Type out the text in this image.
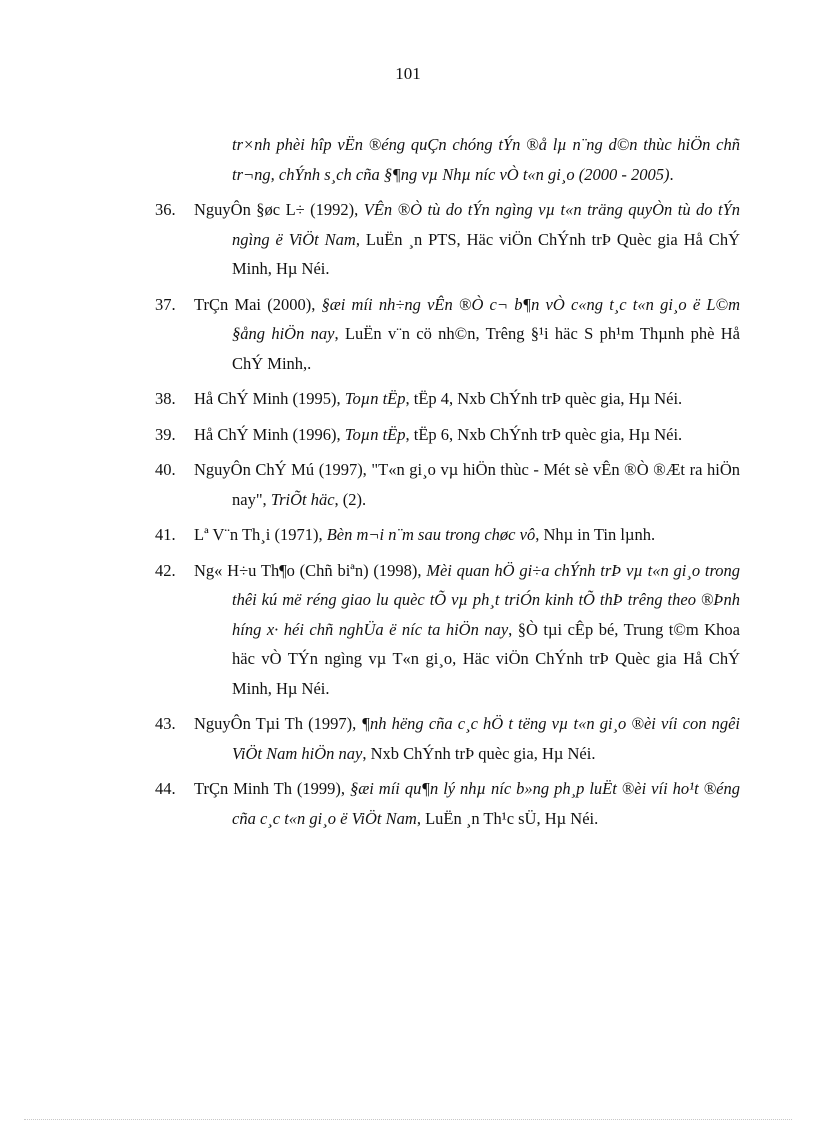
101
tr×nh phèi hîp vËn ®éng quÇn chóng tÝn ®å lµ n¨ng d©n thùc hiÖn chñ tr¬ng, chÝnh s¸ch cña §¶ng vµ Nhµ níc vÒ t«n gi¸o (2000 - 2005).
36. NguyÔn §øc L÷ (1992), VÊn ®Ò tù do tÝn ngìng vµ t«n träng quyÒn tù do tÝn ngìng ë ViÖt Nam, LuËn ¸n PTS, Häc viÖn ChÝnh trÞ Quèc gia Hå ChÝ Minh, Hµ Néi.
37. TrÇn Mai (2000), §æi míi nh÷ng vÊn ®Ò c¬ b¶n vÒ c«ng t¸c t«n gi¸o ë L©m §ång hiÖn nay, LuËn v¨n cö nh©n, Trêng §¹i häc S ph¹m Thµnh phè Hå ChÝ Minh,.
38. Hå ChÝ Minh (1995), Toµn tËp, tËp 4, Nxb ChÝnh trÞ quèc gia, Hµ Néi.
39. Hå ChÝ Minh (1996), Toµn tËp, tËp 6, Nxb ChÝnh trÞ quèc gia, Hµ Néi.
40. NguyÔn ChÝ Mú (1997), "T«n gi¸o vµ hiÖn thùc - Mét sè vÊn ®Ò ®Æt ra hiÖn nay", TriÕt häc, (2).
41. Lª V¨n Th¸i (1971), Bèn m¬i n¨m sau trong chøc vô, Nhµ in Tin lµnh.
42. Ng« H÷u Th¶o (Chñ biªn) (1998), Mèi quan hÖ gi÷a chÝnh trÞ vµ t«n gi¸o trong thêi kú më réng giao lu quèc tÕ vµ ph¸t triÓn kinh tÕ thÞ trêng theo ®Þnh híng x· héi chñ nghÜa ë níc ta hiÖn nay, §Ò tµi cÊp bé, Trung t©m Khoa häc vÒ TÝn ngìng vµ T«n gi¸o, Häc viÖn ChÝnh trÞ Quèc gia Hå ChÝ Minh, Hµ Néi.
43. NguyÔn Tµi Th (1997), ¶nh hëng cña c¸c hÖ t tëng vµ t«n gi¸o ®èi víi con ngêi ViÖt Nam hiÖn nay, Nxb ChÝnh trÞ quèc gia, Hµ Néi.
44. TrÇn Minh Th (1999), §æi míi qu¶n lý nhµ níc b»ng ph¸p luËt ®èi víi ho¹t ®éng cña c¸c t«n gi¸o ë ViÖt Nam, LuËn ¸n Th¹c sÜ, Hµ Néi.
